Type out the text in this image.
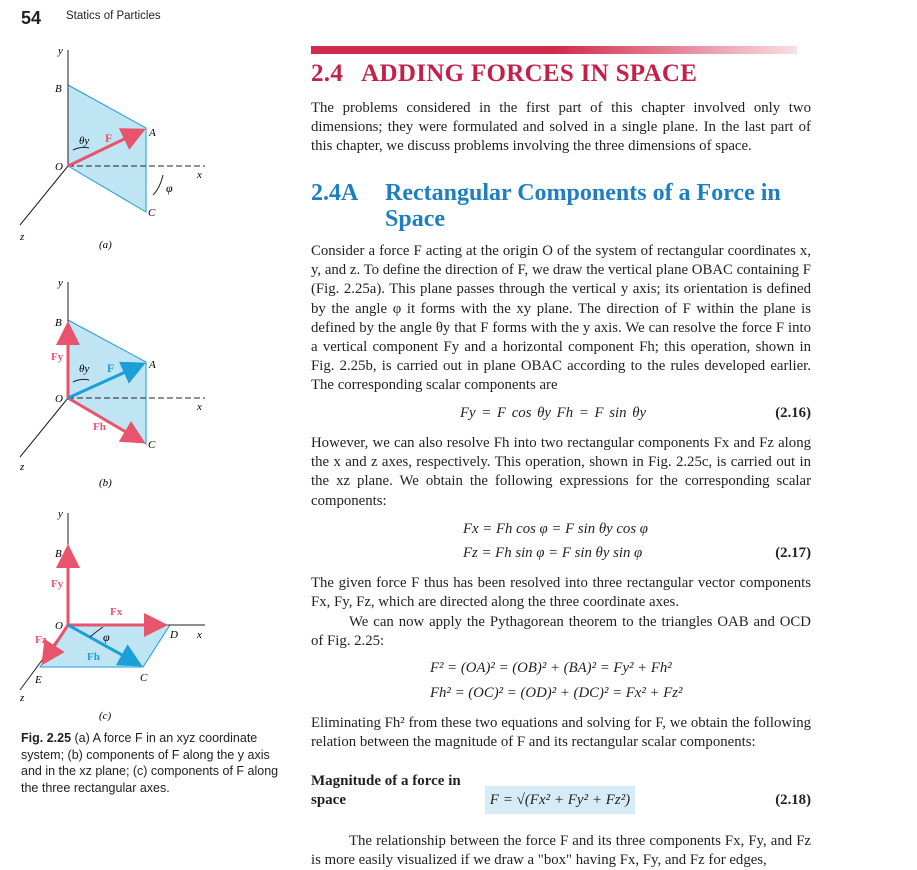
54 Statics of Particles
2.4 ADDING FORCES IN SPACE
The problems considered in the first part of this chapter involved only two dimensions; they were formulated and solved in a single plane. In the last part of this chapter, we discuss problems involving the three dimensions of space.
2.4A Rectangular Components of a Force in Space
Consider a force F acting at the origin O of the system of rectangular coordinates x, y, and z. To define the direction of F, we draw the vertical plane OBAC containing F (Fig. 2.25a). This plane passes through the vertical y axis; its orientation is defined by the angle φ it forms with the xy plane. The direction of F within the plane is defined by the angle θy that F forms with the y axis. We can resolve the force F into a vertical component Fy and a horizontal component Fh; this operation, shown in Fig. 2.25b, is carried out in plane OBAC according to the rules developed earlier. The corresponding scalar components are
Fy = F cos θy Fh = F sin θy	(2.16)
However, we can also resolve Fh into two rectangular components Fx and Fz along the x and z axes, respectively. This operation, shown in Fig. 2.25c, is carried out in the xz plane. We obtain the following expressions for the corresponding scalar components:
Fx = Fh cos φ = F sin θy cos φ
Fz = Fh sin φ = F sin θy sin φ	(2.17)
The given force F thus has been resolved into three rectangular vector components Fx, Fy, Fz, which are directed along the three coordinate axes.
We can now apply the Pythagorean theorem to the triangles OAB and OCD of Fig. 2.25:
F² = (OA)² = (OB)² + (BA)² = Fy² + Fh²
Fh² = (OC)² = (OD)² + (DC)² = Fx² + Fz²
Eliminating Fh² from these two equations and solving for F, we obtain the following relation between the magnitude of F and its rectangular scalar components:
Magnitude of a force in space	F = √(Fx² + Fy² + Fz²)	(2.18)
The relationship between the force F and its three components Fx, Fy, and Fz is more easily visualized if we draw a "box" having Fx, Fy, and Fz for edges,
y
B
A
O
x
C
z
F
θy
φ
(a)
y
B
A
O
x
C
z
Fy
Fh
F
θy
(b)
y
B
O
D x
C
E
z
Fy
Fx
Fz
Fh
φ
(c)
Fig. 2.25 (a) A force F in an xyz coordinate system; (b) components of F along the y axis and in the xz plane; (c) components of F along the three rectangular axes.
